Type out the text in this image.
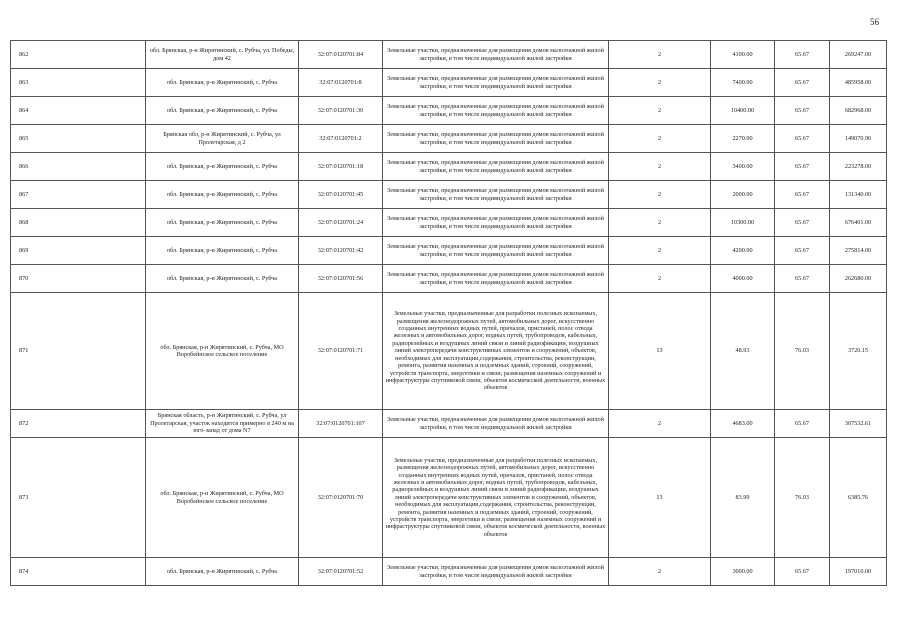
56
862	обл. Брянская, р-н Жирятинский, с. Рубча, ул. Победы, дом 42	32:07:0120701:84	Земельные участки, предназначенные для размещения домов малоэтажной жилой застройки, в том числе индивидуальной жилой застройки	2	4100.00	65.67	269247.00
863	обл. Брянская, р-н Жирятинский, с. Рубча	32:07:0120701:8	Земельные участки, предназначенные для размещения домов малоэтажной жилой застройки, в том числе индивидуальной жилой застройки	2	7400.00	65.67	485958.00
864	обл. Брянская, р-н Жирятинский, с. Рубча	32:07:0120701:30	Земельные участки, предназначенные для размещения домов малоэтажной жилой застройки, в том числе индивидуальной жилой застройки	2	10400.00	65.67	682968.00
865	Брянская обл, р-н Жирятинский, с. Рубча, ул Пролетарская, д 2	32:07:0120701:2	Земельные участки, предназначенные для размещения домов малоэтажной жилой застройки, в том числе индивидуальной жилой застройки	2	2270.00	65.67	149070.90
866	обл. Брянская, р-н Жирятинский, с. Рубча	32:07:0120701:18	Земельные участки, предназначенные для размещения домов малоэтажной жилой застройки, в том числе индивидуальной жилой застройки	2	3400.00	65.67	223278.00
867	обл. Брянская, р-н Жирятинский, с. Рубча	32:07:0120701:45	Земельные участки, предназначенные для размещения домов малоэтажной жилой застройки, в том числе индивидуальной жилой застройки	2	2000.00	65.67	131340.00
868	обл. Брянская, р-н Жирятинский, с. Рубча	32:07:0120701:24	Земельные участки, предназначенные для размещения домов малоэтажной жилой застройки, в том числе индивидуальной жилой застройки	2	10300.00	65.67	676401.00
869	обл. Брянская, р-н Жирятинский, с. Рубча	32:07:0120701:42	Земельные участки, предназначенные для размещения домов малоэтажной жилой застройки, в том числе индивидуальной жилой застройки	2	4200.00	65.67	275814.00
870	обл. Брянская, р-н Жирятинский, с. Рубча	32:07:0120701:56	Земельные участки, предназначенные для размещения домов малоэтажной жилой застройки, в том числе индивидуальной жилой застройки	2	4000.00	65.67	262680.00
871	обл. Брянская, р-н Жирятинский, с. Рубча, МО Воробейнское сельское поселение	32:07:0120701:71	Земельные участки, предназначенные для разработки полезных ископаемых, размещения железнодорожных путей, автомобильных дорог, искусственно созданных внутренних водных путей, причалов, пристаней, полос отвода железных и автомобильных дорог, водных путей, трубопроводов, кабельных, радиорелейных и воздушных линий связи и линий радиофикации, воздушных линий электропередачи конструктивных элементов и сооружений, объектов, необходимых для эксплуатации,содержания, строительства, реконструкции, ремонта, развития наземных и подземных зданий, строений, сооружений, устройств транспорта, энергетики и связи; размещения наземных сооружений и инфраструктуры спутниковой связи, объектов космической деятельности, военных объектов	13	48.93	76.03	3720.15
872	Брянская область, р-н Жирятинский, с. Рубча, ул Пролетарская, участок находится примерно в 240 м на юго-запад от дома N7	32:07:0120701:107	Земельные участки, предназначенные для размещения домов малоэтажной жилой застройки, в том числе индивидуальной жилой застройки	2	4683.00	65.67	307532.61
873	обл. Брянская, р-н Жирятинский, с. Рубча, МО Воробейнское сельское поселение	32:07:0120701:70	Земельные участки, предназначенные для разработки полезных ископаемых, размещения железнодорожных путей, автомобильных дорог, искусственно созданных внутренних водных путей, причалов, пристаней, полос отвода железных и автомобильных дорог, водных путей, трубопроводов, кабельных, радиорелейных и воздушных линий связи и линий радиофикации, воздушных линий электропередачи конструктивных элементов и сооружений, объектов, необходимых для эксплуатации,содержания, строительства, реконструкции, ремонта, развития наземных и подземных зданий, строений, сооружений, устройств транспорта, энергетики и связи; размещения наземных сооружений и инфраструктуры спутниковой связи, объектов космической деятельности, военных объектов	13	83.99	76.03	6385.76
874	обл. Брянская, р-н Жирятинский, с. Рубча	32:07:0120701:52	Земельные участки, предназначенные для размещения домов малоэтажной жилой застройки, в том числе индивидуальной жилой застройки	2	3000.00	65.67	197010.00
